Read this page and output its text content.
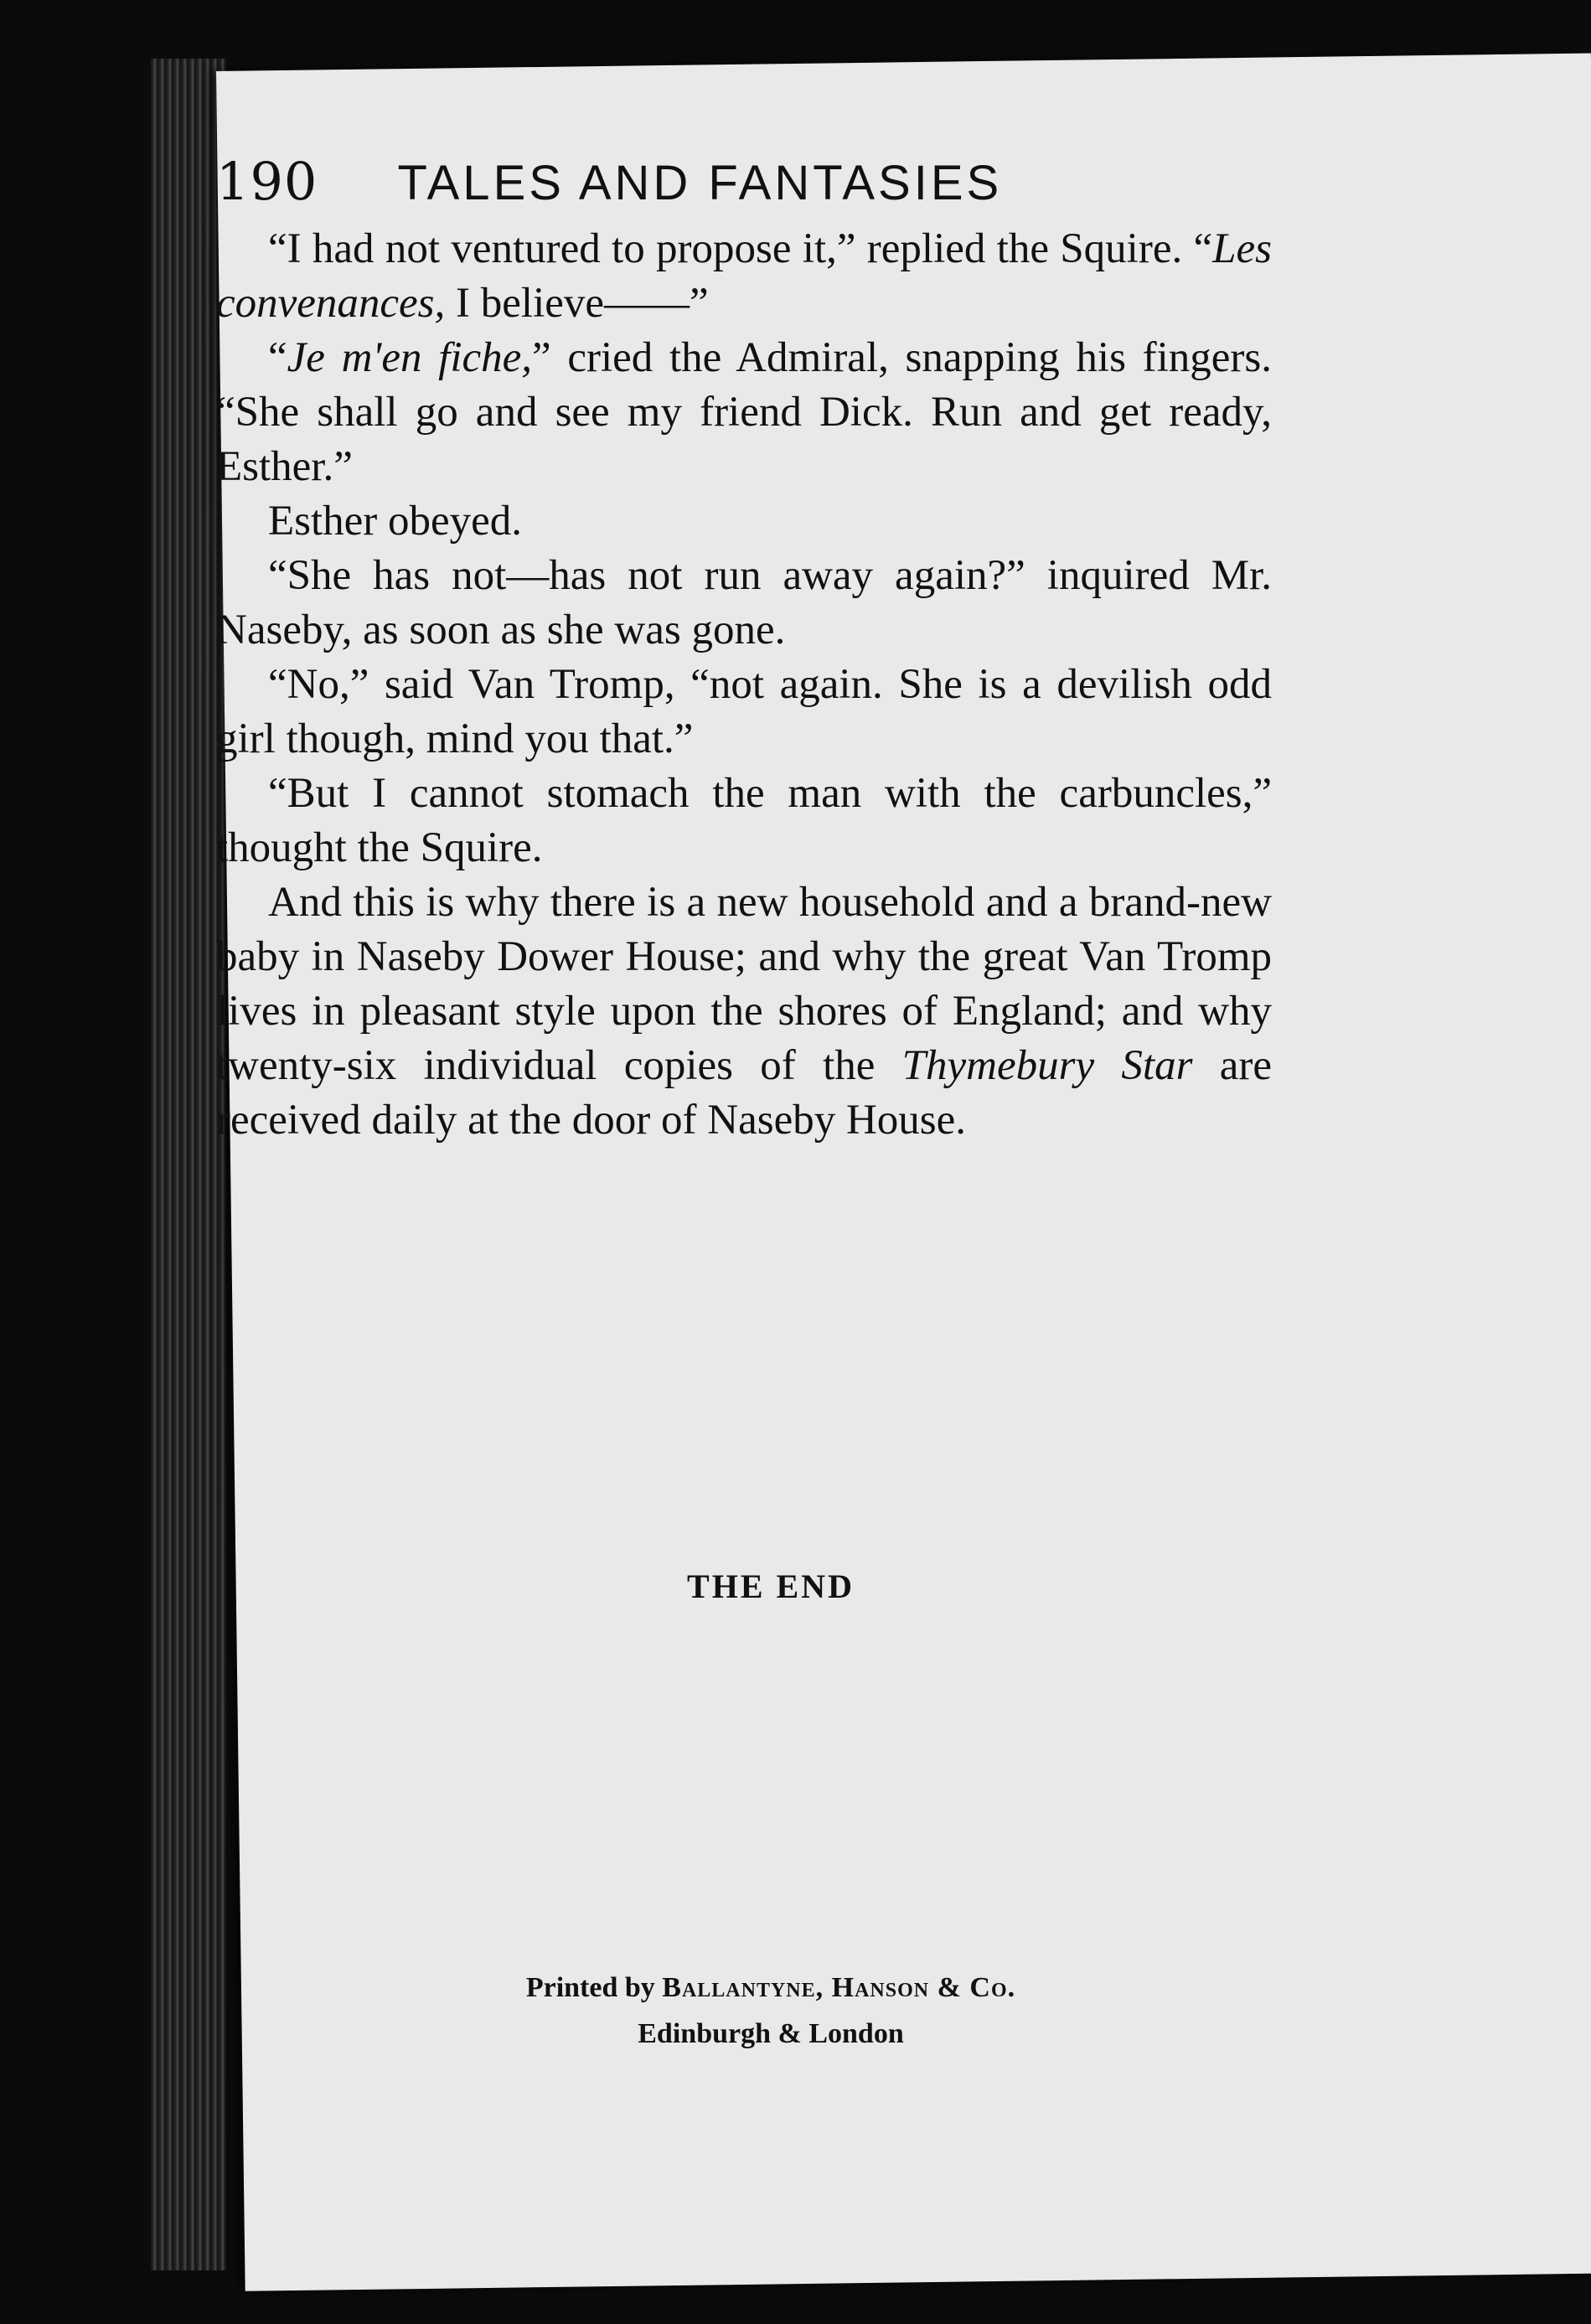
190 TALES AND FANTASIES

“I had not ventured to propose it,” replied the Squire. “Les convenances, I believe——”

“Je m'en fiche,” cried the Admiral, snapping his fingers. “She shall go and see my friend Dick. Run and get ready, Esther.”

Esther obeyed.

“She has not—has not run away again?” inquired Mr. Naseby, as soon as she was gone.

“No,” said Van Tromp, “not again. She is a devilish odd girl though, mind you that.”

“But I cannot stomach the man with the carbuncles,” thought the Squire.

And this is why there is a new household and a brand-new baby in Naseby Dower House; and why the great Van Tromp lives in pleasant style upon the shores of England; and why twenty-six individual copies of the Thymebury Star are received daily at the door of Naseby House.

THE END
Printed by Ballantyne, Hanson & Co.
Edinburgh & London
